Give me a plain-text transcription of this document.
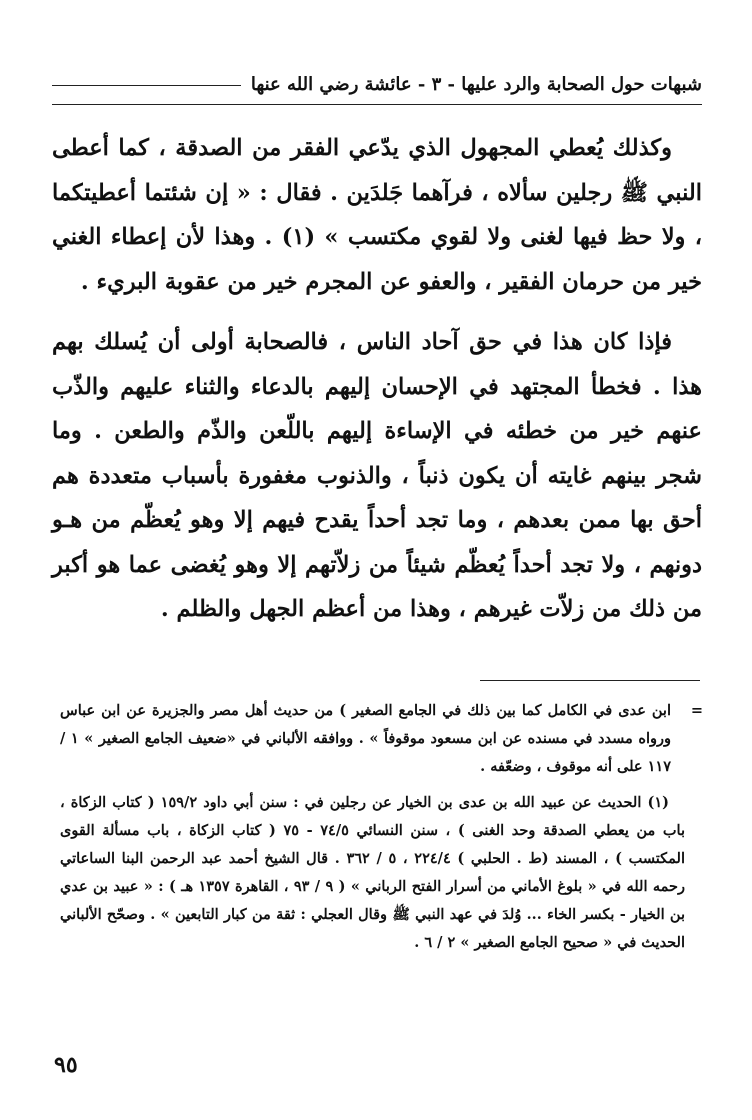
شبهات حول الصحابة والرد عليها - ٣ - عائشة رضي الله عنها

وكذلك يُعطي المجهول الذي يدّعي الفقر من الصدقة ، كما أعطى النبي ﷺ رجلين سألاه ، فرآهما جَلدَين . فقال : « إن شئتما أعطيتكما ، ولا حظ فيها لغنى ولا لقوي مكتسب » (١) . وهذا لأن إعطاء الغني خير من حرمان الفقير ، والعفو عن المجرم خير من عقوبة البريء .

فإذا كان هذا في حق آحاد الناس ، فالصحابة أولى أن يُسلك بهم هذا . فخطأ المجتهد في الإحسان إليهم بالدعاء والثناء عليهم والذّب عنهم خير من خطئه في الإساءة إليهم باللّعن والذّم والطعن . وما شجر بينهم غايته أن يكون ذنباً ، والذنوب مغفورة بأسباب متعددة هم أحق بها ممن بعدهم ، وما تجد أحداً يقدح فيهم إلا وهو يُعظّم من هـو دونهم ، ولا تجد أحداً يُعظّم شيئاً من زلاّتهم إلا وهو يُغضى عما هو أكبر من ذلك من زلاّت غيرهم ، وهذا من أعظم الجهل والظلم .

=
ابن عدى في الكامل كما بين ذلك في الجامع الصغير ) من حديث أهل مصر والجزيرة عن ابن عباس ورواه مسدد في مسنده عن ابن مسعود موقوفاً » . ووافقه الألباني في «ضعيف الجامع الصغير » ١ / ١١٧ على أنه موقوف ، وضعّفه .

(١) الحديث عن عبيد الله بن عدى بن الخيار عن رجلين في : سنن أبي داود ١٥٩/٢ ( كتاب الزكاة ، باب من يعطي الصدقة وحد الغنى ) ، سنن النسائي ٧٤/٥ - ٧٥ ( كتاب الزكاة ، باب مسألة القوى المكتسب ) ، المسند (ط . الحلبي ) ٢٢٤/٤ ، ٥ / ٣٦٢ . قال الشيخ أحمد عبد الرحمن البنا الساعاتي رحمه الله في « بلوغ الأماني من أسرار الفتح الرباني » ( ٩ / ٩٣ ، القاهرة ١٣٥٧ هـ ) : « عبيد بن عدي بن الخيار - بكسر الخاء ... وُلدَ في عهد النبي ﷺ وقال العجلي : ثقة من كبار التابعين » . وصحّح الألباني الحديث في « صحيح الجامع الصغير » ٢ / ٦ .

٩٥
